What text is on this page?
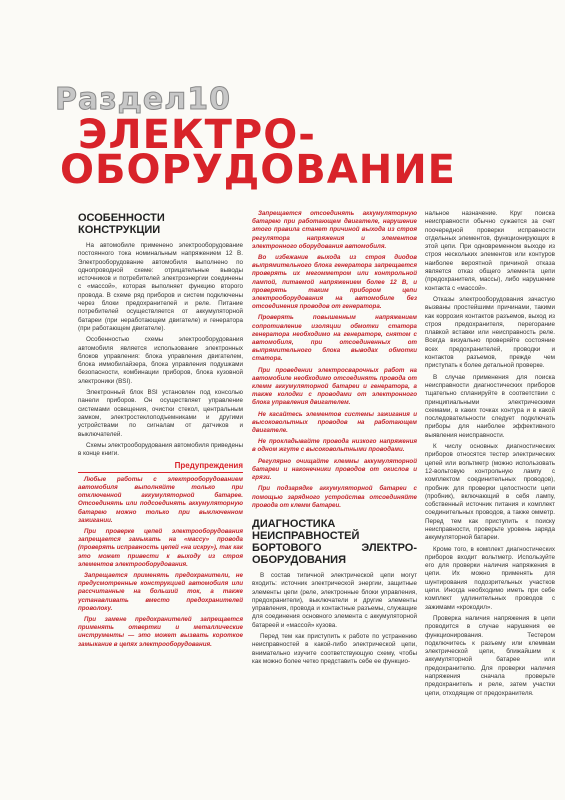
Раздел10
ЭЛЕКТРО-
ОБОРУДОВАНИЕ
ОСОБЕННОСТИ КОНСТРУКЦИИ

На автомобиле применено электрооборудование постоянного тока номинальным напряжением 12 В. Электрооборудование автомобиля выполнено по однопроводной схеме: отрицательные выводы источников и потребителей электроэнергии соединены с «массой», которая выполняет функцию второго провода. В схеме ряд приборов и систем подключены через блоки предохранителей и реле. Питание потребителей осуществляется от аккумуляторной батареи (при неработающем двигателе) и генератора (при работающем двигателе).

Особенностью схемы электрооборудования автомобиля является использование электронных блоков управления: блока управления двигателем, блока иммобилайзера, блока управления подушками безопасности, комбинации приборов, блока кузовной электроники (BSI).

Электронный блок BSI установлен под консолью панели приборов. Он осуществляет управление системами освещения, очистки стекол, центральным замком, электростеклоподъемниками и другими устройствами по сигналам от датчиков и выключателей.

Схемы электрооборудования автомобиля приведены в конце книги.

Предупреждения

Любые работы с электрооборудованием автомобиля выполняйте только при отключенной аккумуляторной батарее. Отсоединять или подсоединять аккумуляторную батарею можно только при выключенном зажигании.

При проверке цепей электрооборудования запрещается замыкать на «массу» провода (проверять исправность цепей «на искру»), так как это может привести к выходу из строя элементов электрооборудования.

Запрещается применять предохранители, не предусмотренные конструкцией автомобиля или рассчитанные на больший ток, а также устанавливать вместо предохранителей проволоку.

При замене предохранителей запрещается применять отвертки и металлические инструменты — это может вызвать короткое замыкание в цепях электрооборудования.

Запрещается отсоединять аккумуляторную батарею при работающем двигателе, нарушение этого правила станет причиной выхода из строя регулятора напряжения и элементов электронного оборудования автомобиля.

Во избежание выхода из строя диодов выпрямительного блока генератора запрещается проверять их мегомметром или контрольной лампой, питаемой напряжением более 12 В, и проверять таким прибором цепи электрооборудования на автомобиле без отсоединения проводов от генератора.

Проверять повышенным напряжением сопротивление изоляции обмотки статора генератора необходимо на генераторе, снятом с автомобиля, при отсоединенных от выпрямительного блока выводах обмотки статора.

При проведении электросварочных работ на автомобиле необходимо отсоединять провода от клемм аккумуляторной батареи и генератора, а также колодки с проводами от электронного блока управления двигателем.

Не касайтесь элементов системы зажигания и высоковольтных проводов на работающем двигателе.

Не прокладывайте провода низкого напряжения в одном жгуте с высоковольтными проводами.

Регулярно очищайте клеммы аккумуляторной батареи и наконечники проводов от окислов и грязи.

При подзарядке аккумуляторной батареи с помощью зарядного устройства отсоединяйте провода от клемм батареи.

ДИАГНОСТИКА НЕИСПРАВНОСТЕЙ БОРТОВОГО ЭЛЕКТРО-ОБОРУДОВАНИЯ

В состав типичной электрической цепи могут входить: источник электрической энергии, защитные элементы цепи (реле, электронные блоки управления, предохранители), выключатели и другие элементы управления, провода и контактные разъемы, служащие для соединения основного элемента с аккумуляторной батареей и «массой» кузова.

Перед тем как приступить к работе по устранению неисправностей в какой-либо электрической цепи, внимательно изучите соответствующую схему, чтобы как можно более четко представить себе ее функцио-

нальное назначение. Круг поиска неисправности обычно сужается за счет поочередной проверки исправности отдельных элементов, функционирующих в этой цепи. При одновременном выходе из строя нескольких элементов или контуров наиболее вероятной причиной отказа является отказ общего элемента цепи (предохранителя, массы), либо нарушение контакта с «массой».

Отказы электрооборудования зачастую вызваны простейшими причинами, такими как коррозия контактов разъемов, выход из строя предохранителя, перегорание плавкой вставки или неисправность реле. Всегда визуально проверяйте состояние всех предохранителей, проводки и контактов разъемов, прежде чем приступать к более детальной проверке.

В случае применения для поиска неисправности диагностических приборов тщательно спланируйте в соответствии с принципиальными электрическими схемами, в каких точках контура и в какой последовательности следует подключать приборы для наиболее эффективного выявления неисправности.

К числу основных диагностических приборов относятся тестер электрических цепей или вольтметр (можно использовать 12-вольтовую контрольную лампу с комплектом соединительных проводов), пробник для проверки целостности цепи (пробник), включающий в себя лампу, собственный источник питания и комплект соединительных проводов, а также омметр. Перед тем как приступить к поиску неисправности, проверьте уровень заряда аккумуляторной батареи.

Кроме того, в комплект диагностических приборов входит вольтметр. Используйте его для проверки наличия напряжения в цепи. Их можно применять для шунтирования подозрительных участков цепи. Иногда необходимо иметь при себе комплект удлинительных проводов с зажимами «крокодил».

Проверка наличия напряжения в цепи проводится в случае нарушения ее функционирования. Тестером подключитесь к разъему или клеммам электрической цепи, ближайшим к аккумуляторной батарее или предохранителю. Для проверки наличия напряжения сначала проверьте предохранитель и реле, затем участки цепи, отходящие от предохранителя.
